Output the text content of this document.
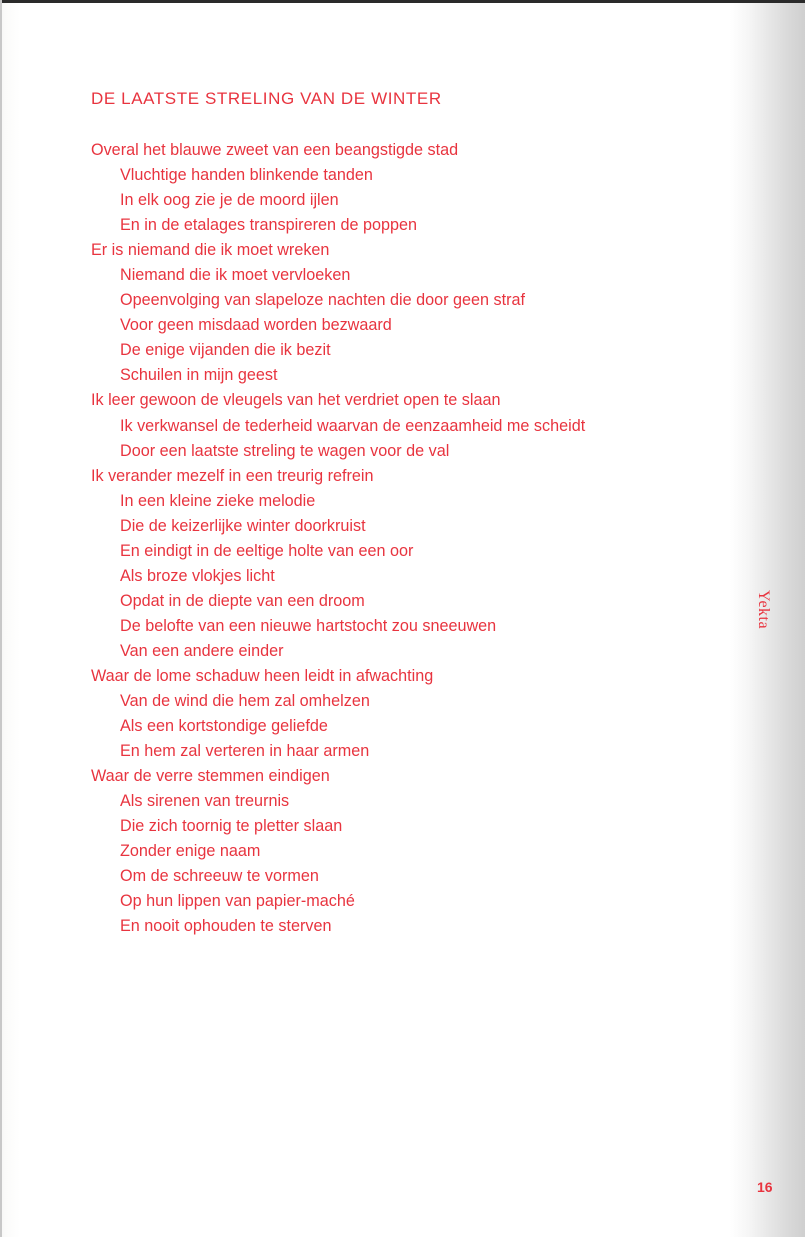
DE LAATSTE STRELING VAN DE WINTER
Overal het blauwe zweet van een beangstigde stad
Vluchtige handen blinkende tanden
In elk oog zie je de moord ijlen
En in de etalages transpireren de poppen
Er is niemand die ik moet wreken
Niemand die ik moet vervloeken
Opeenvolging van slapeloze nachten die door geen straf
Voor geen misdaad worden bezwaard
De enige vijanden die ik bezit
Schuilen in mijn geest
Ik leer gewoon de vleugels van het verdriet open te slaan
Ik verkwansel de tederheid waarvan de eenzaamheid me scheidt
Door een laatste streling te wagen voor de val
Ik verander mezelf in een treurig refrein
In een kleine zieke melodie
Die de keizerlijke winter doorkruist
En eindigt in de eeltige holte van een oor
Als broze vlokjes licht
Opdat in de diepte van een droom
De belofte van een nieuwe hartstocht zou sneeuwen
Van een andere einder
Waar de lome schaduw heen leidt in afwachting
Van de wind die hem zal omhelzen
Als een kortstondige geliefde
En hem zal verteren in haar armen
Waar de verre stemmen eindigen
Als sirenen van treurnis
Die zich toornig te pletter slaan
Zonder enige naam
Om de schreeuw te vormen
Op hun lippen van papier-maché
En nooit ophouden te sterven
Yekta
16
